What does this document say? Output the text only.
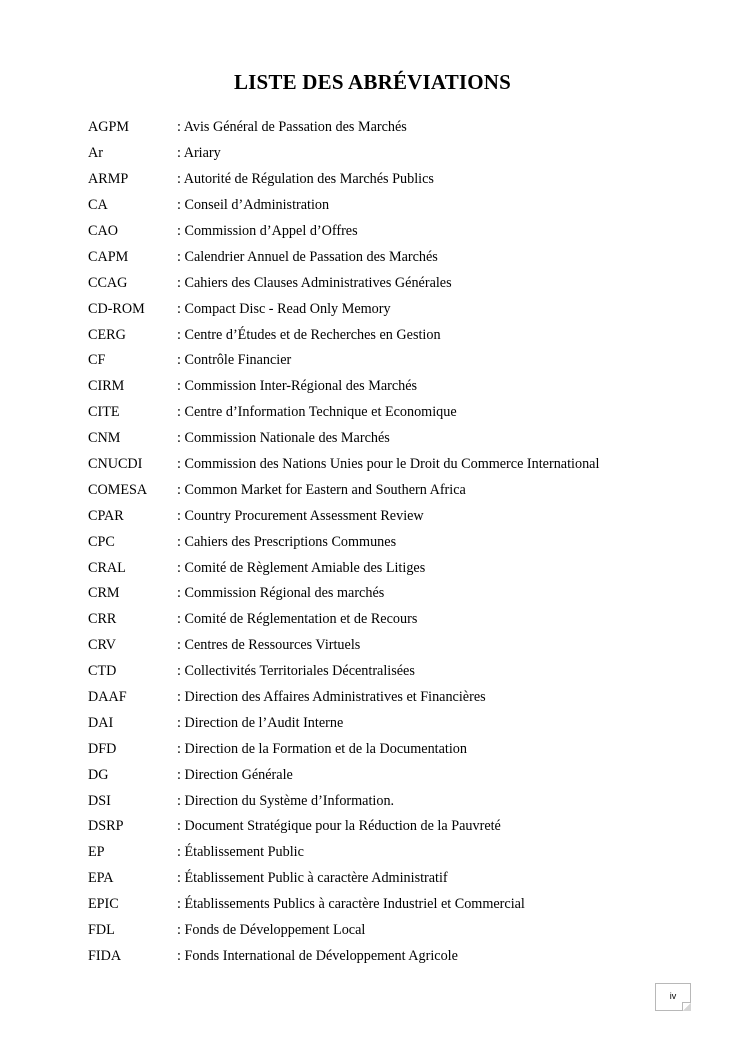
LISTE DES ABRÉVIATIONS
AGPM	: Avis Général de Passation des Marchés
Ar	: Ariary
ARMP	: Autorité de Régulation des Marchés Publics
CA	: Conseil d’Administration
CAO	: Commission d’Appel d’Offres
CAPM	: Calendrier Annuel de Passation des Marchés
CCAG	: Cahiers des Clauses Administratives Générales
CD-ROM	: Compact Disc - Read Only Memory
CERG	: Centre d’Études et de Recherches en Gestion
CF	: Contrôle Financier
CIRM	: Commission Inter-Régional des Marchés
CITE	: Centre d’Information Technique et Economique
CNM	: Commission Nationale des Marchés
CNUCDI	: Commission des Nations Unies pour le Droit du Commerce International
COMESA	: Common Market for Eastern and Southern Africa
CPAR	: Country Procurement Assessment Review
CPC	: Cahiers des Prescriptions Communes
CRAL	: Comité de Règlement Amiable des Litiges
CRM	: Commission Régional des marchés
CRR	: Comité de Réglementation et de Recours
CRV	: Centres de Ressources Virtuels
CTD	: Collectivités Territoriales Décentralisées
DAAF	: Direction des Affaires Administratives et Financières
DAI	: Direction de l’Audit Interne
DFD	: Direction de la Formation et de la Documentation
DG	: Direction Générale
DSI	: Direction du Système d’Information.
DSRP	: Document Stratégique pour la Réduction de la Pauvreté
EP	: Établissement Public
EPA	: Établissement Public à caractère Administratif
EPIC	: Établissements Publics à caractère Industriel et Commercial
FDL	: Fonds de Développement Local
FIDA	: Fonds International de Développement Agricole
iv
